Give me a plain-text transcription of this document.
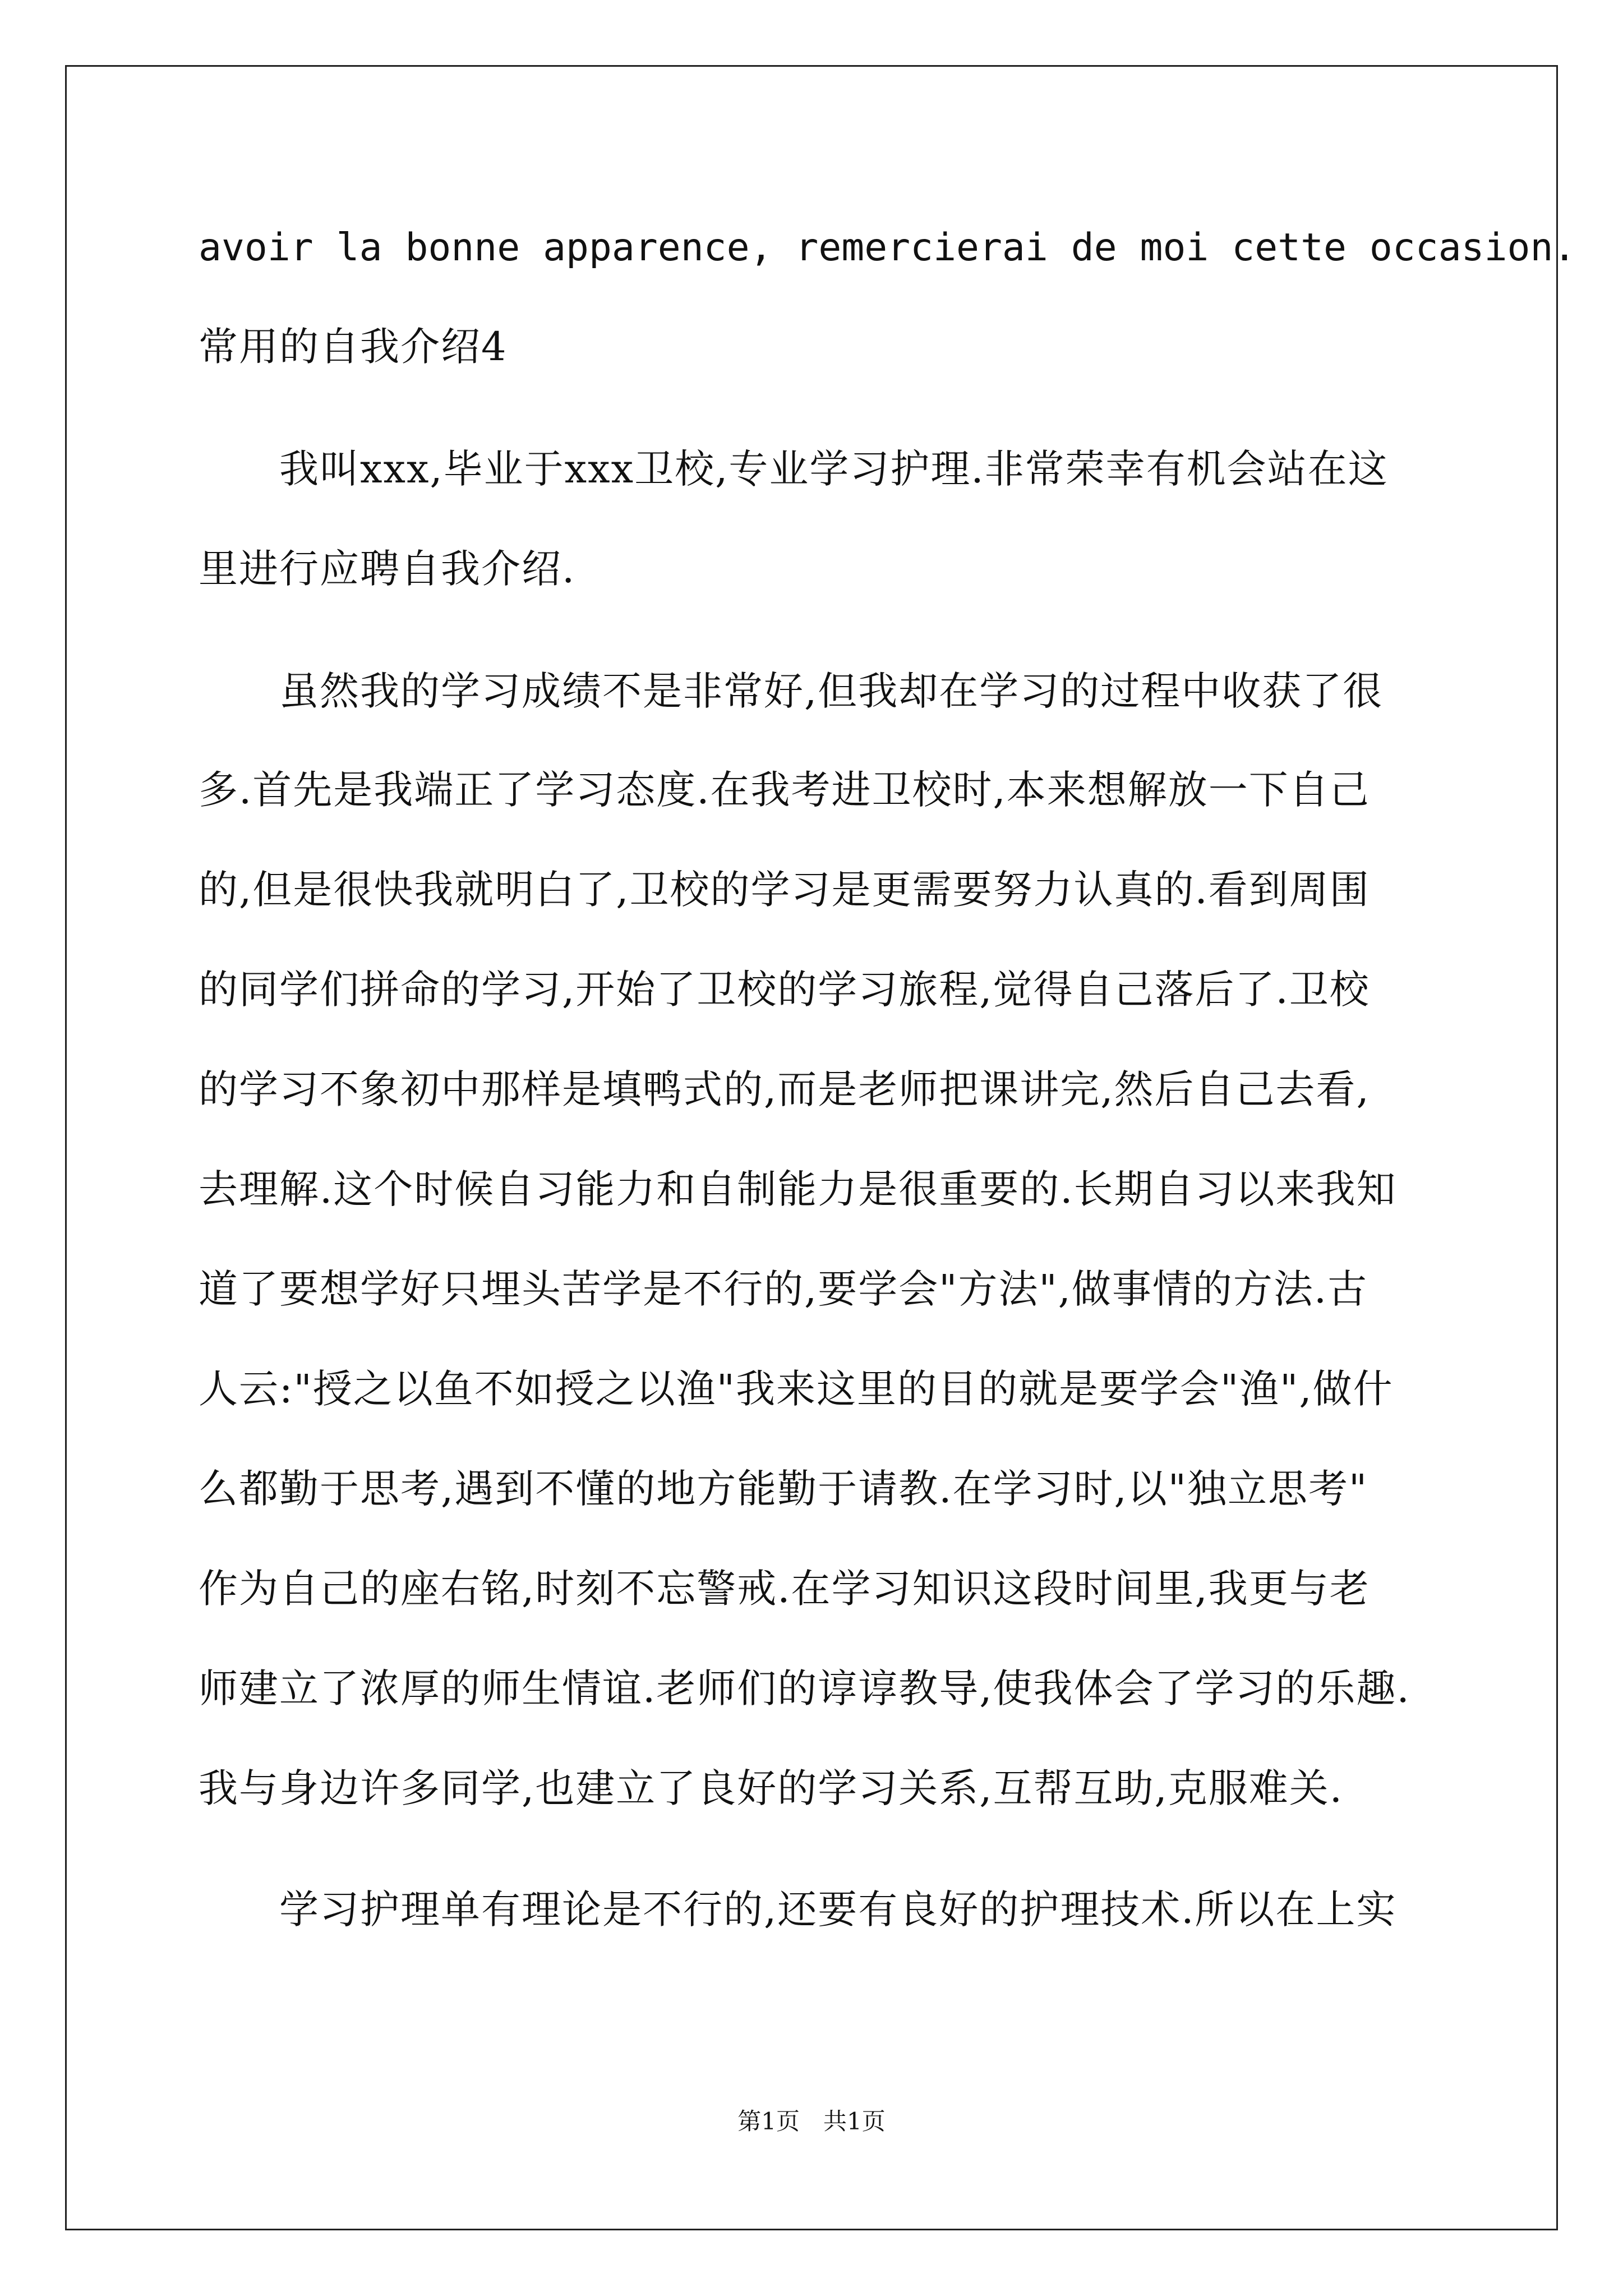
avoir la bonne apparence, remercierai de moi cette occasion.
常用的自我介绍4
我叫xxx,毕业于xxx卫校,专业学习护理.非常荣幸有机会站在这
里进行应聘自我介绍.
虽然我的学习成绩不是非常好,但我却在学习的过程中收获了很
多.首先是我端正了学习态度.在我考进卫校时,本来想解放一下自己
的,但是很快我就明白了,卫校的学习是更需要努力认真的.看到周围
的同学们拼命的学习,开始了卫校的学习旅程,觉得自己落后了.卫校
的学习不象初中那样是填鸭式的,而是老师把课讲完,然后自己去看,
去理解.这个时候自习能力和自制能力是很重要的.长期自习以来我知
道了要想学好只埋头苦学是不行的,要学会"方法",做事情的方法.古
人云:"授之以鱼不如授之以渔"我来这里的目的就是要学会"渔",做什
么都勤于思考,遇到不懂的地方能勤于请教.在学习时,以"独立思考"
作为自己的座右铭,时刻不忘警戒.在学习知识这段时间里,我更与老
师建立了浓厚的师生情谊.老师们的谆谆教导,使我体会了学习的乐趣.
我与身边许多同学,也建立了良好的学习关系,互帮互助,克服难关.
学习护理单有理论是不行的,还要有良好的护理技术.所以在上实
第1页　共1页
